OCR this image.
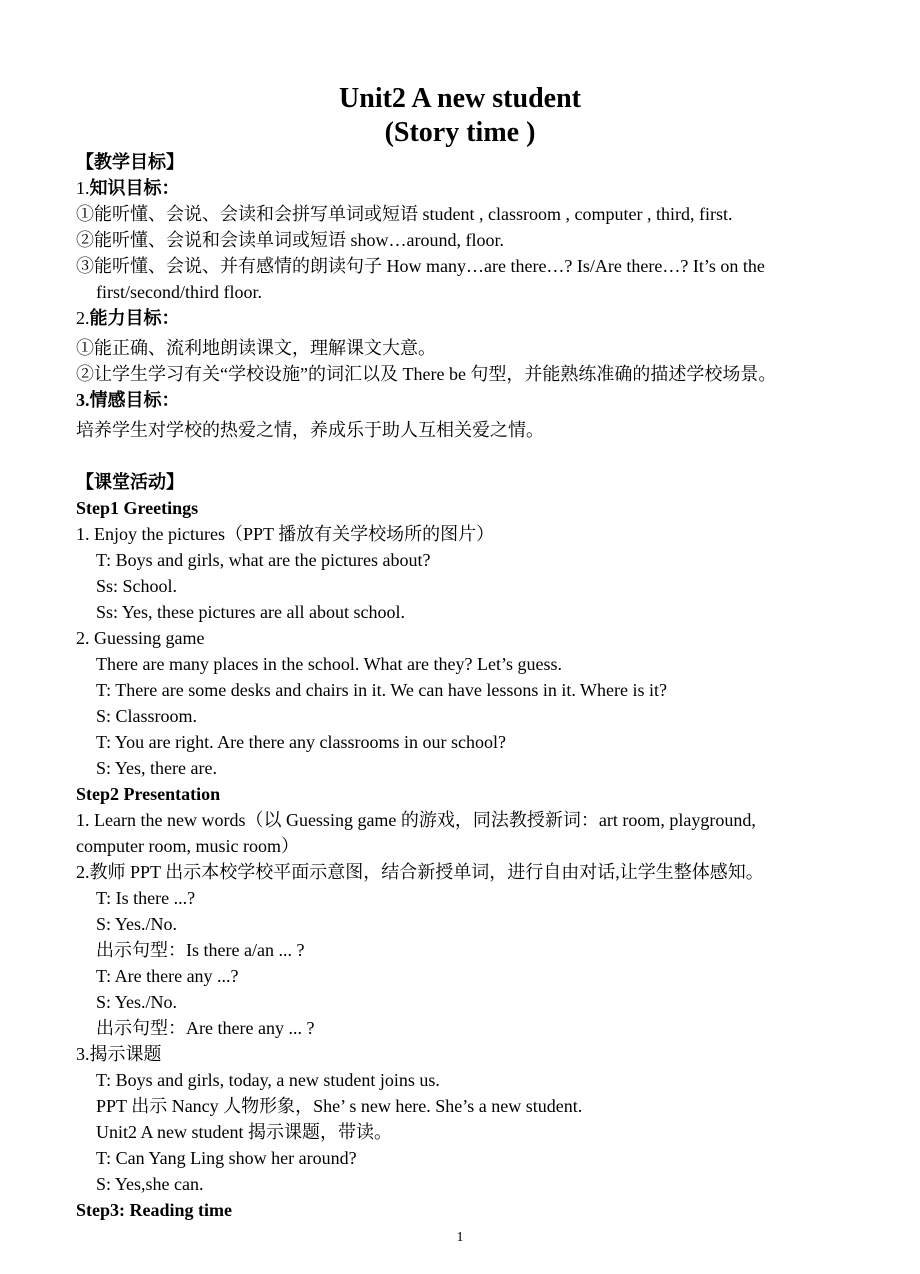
Unit2 A new student
(Story time )
【教学目标】
1.知识目标：
①能听懂、会说、会读和会拼写单词或短语 student , classroom , computer , third, first.
②能听懂、会说和会读单词或短语 show…around, floor.
③能听懂、会说、并有感情的朗读句子 How many…are there…? Is/Are there…? It’s on the
first/second/third floor.
2.能力目标：
①能正确、流利地朗读课文，理解课文大意。
②让学生学习有关“学校设施”的词汇以及 There be 句型，并能熟练准确的描述学校场景。
3.情感目标：
培养学生对学校的热爱之情，养成乐于助人互相关爱之情。
【课堂活动】
Step1 Greetings
1. Enjoy the pictures（PPT 播放有关学校场所的图片）
T: Boys and girls, what are the pictures about?
Ss: School.
Ss: Yes, these pictures are all about school.
2. Guessing game
There are many places in the school. What are they? Let’s guess.
T: There are some desks and chairs in it. We can have lessons in it. Where is it?
S: Classroom.
T: You are right. Are there any classrooms in our school?
S: Yes, there are.
Step2 Presentation
1. Learn the new words（以 Guessing game 的游戏，同法教授新词：art room, playground,
computer room, music room）
2.教师 PPT 出示本校学校平面示意图，结合新授单词，进行自由对话,让学生整体感知。
T: Is there ...?
S: Yes./No.
出示句型：Is there a/an ... ?
T: Are there any ...?
S: Yes./No.
出示句型：Are there any ... ?
3.揭示课题
T: Boys and girls, today, a new student joins us.
PPT 出示 Nancy 人物形象，She’ s new here. She’s a new student.
Unit2 A new student 揭示课题，带读。
T: Can Yang Ling show her around?
S: Yes,she can.
Step3: Reading time
1
